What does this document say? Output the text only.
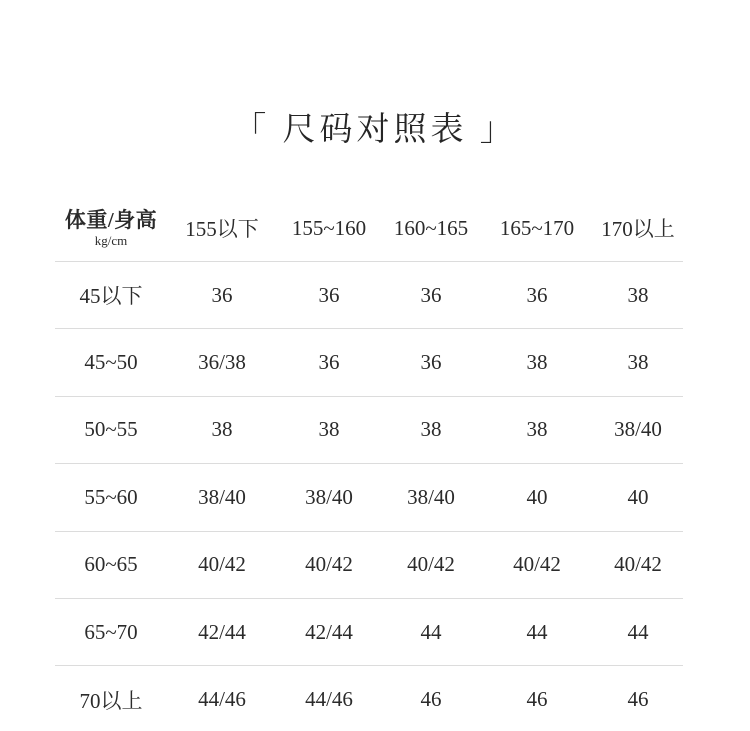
「 尺码对照表 」
体重/身高
kg/cm	155以下	155~160	160~165	165~170	170以上
45以下	36	36	36	36	38
45~50	36/38	36	36	38	38
50~55	38	38	38	38	38/40
55~60	38/40	38/40	38/40	40	40
60~65	40/42	40/42	40/42	40/42	40/42
65~70	42/44	42/44	44	44	44
70以上	44/46	44/46	46	46	46
